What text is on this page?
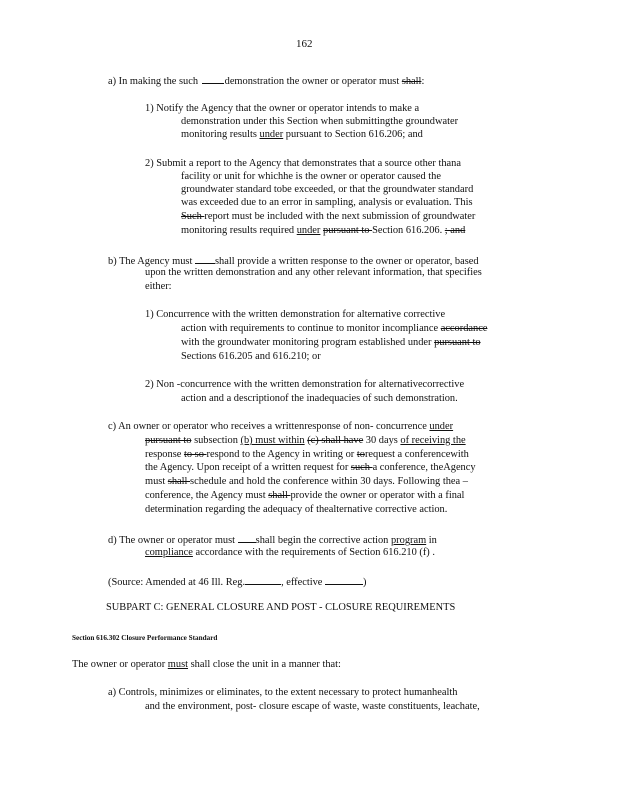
162
a) In making the such demonstration the owner or operator must shall:
1) Notify the Agency that the owner or operator intends to make a
demonstration under this Section when submittingthe groundwater
monitoring results under pursuant to Section 616.206; and
2) Submit a report to the Agency that demonstrates that a source other thana
facility or unit for whichhe is the owner or operator caused the
groundwater standard tobe exceeded, or that the groundwater standard
was exceeded due to an error in sampling, analysis or evaluation. This
Such report must be included with the next submission of groundwater
monitoring results required under pursuant to Section 616.206. ; and
b) The Agency must shall provide a written response to the owner or operator, based
upon the written demonstration and any other relevant information, that specifies
either:
1) Concurrence with the written demonstration for alternative corrective
action with requirements to continue to monitor incompliance accordance
with the groundwater monitoring program established under pursuant to
Sections 616.205 and 616.210; or
2) Non -concurrence with the written demonstration for alternativecorrective
action and a descriptionof the inadequacies of such demonstration.
c) An owner or operator who receives a writtenresponse of non- concurrence under
pursuant to subsection (b) must within (c) shall have 30 days of receiving the
response to so respond to the Agency in writing or torequest a conferencewith
the Agency. Upon receipt of a written request for such a conference, theAgency
must shall schedule and hold the conference within 30 days. Following thea –
conference, the Agency must shall provide the owner or operator with a final
determination regarding the adequacy of thealternative corrective action.
d) The owner or operator must shall begin the corrective action program in
compliance accordance with the requirements of Section 616.210 (f) .
(Source: Amended at 46 Ill. Reg.	, effective	)
SUBPART C: GENERAL CLOSURE AND POST - CLOSURE REQUIREMENTS
Section 616.302 Closure Performance Standard
The owner or operator must shall close the unit in a manner that:
a) Controls, minimizes or eliminates, to the extent necessary to protect humanhealth
and the environment, post- closure escape of waste, waste constituents, leachate,
